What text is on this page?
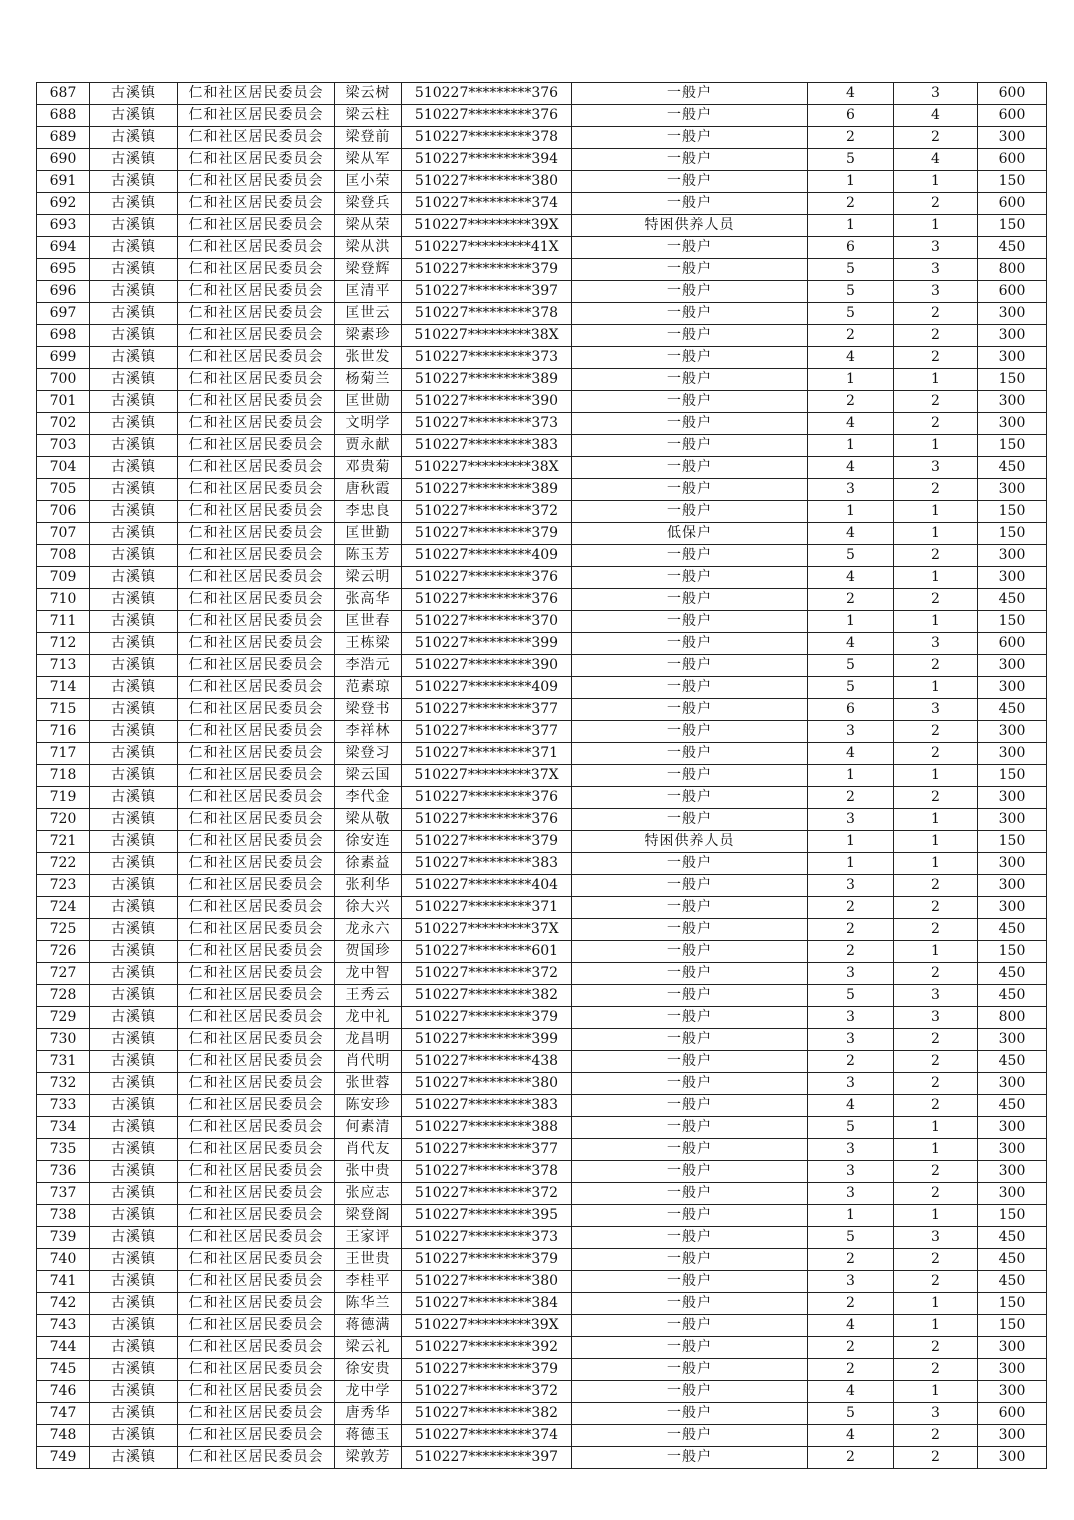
687	古溪镇	仁和社区居民委员会	梁云树	510227*********376	一般户	4	3	600
688	古溪镇	仁和社区居民委员会	梁云柱	510227*********376	一般户	6	4	600
689	古溪镇	仁和社区居民委员会	梁登前	510227*********378	一般户	2	2	300
690	古溪镇	仁和社区居民委员会	梁从军	510227*********394	一般户	5	4	600
691	古溪镇	仁和社区居民委员会	匡小荣	510227*********380	一般户	1	1	150
692	古溪镇	仁和社区居民委员会	梁登兵	510227*********374	一般户	2	2	600
693	古溪镇	仁和社区居民委员会	梁从荣	510227*********39X	特困供养人员	1	1	150
694	古溪镇	仁和社区居民委员会	梁从洪	510227*********41X	一般户	6	3	450
695	古溪镇	仁和社区居民委员会	梁登辉	510227*********379	一般户	5	3	800
696	古溪镇	仁和社区居民委员会	匡清平	510227*********397	一般户	5	3	600
697	古溪镇	仁和社区居民委员会	匡世云	510227*********378	一般户	5	2	300
698	古溪镇	仁和社区居民委员会	梁素珍	510227*********38X	一般户	2	2	300
699	古溪镇	仁和社区居民委员会	张世发	510227*********373	一般户	4	2	300
700	古溪镇	仁和社区居民委员会	杨菊兰	510227*********389	一般户	1	1	150
701	古溪镇	仁和社区居民委员会	匡世勋	510227*********390	一般户	2	2	300
702	古溪镇	仁和社区居民委员会	文明学	510227*********373	一般户	4	2	300
703	古溪镇	仁和社区居民委员会	贾永献	510227*********383	一般户	1	1	150
704	古溪镇	仁和社区居民委员会	邓贵菊	510227*********38X	一般户	4	3	450
705	古溪镇	仁和社区居民委员会	唐秋霞	510227*********389	一般户	3	2	300
706	古溪镇	仁和社区居民委员会	李忠良	510227*********372	一般户	1	1	150
707	古溪镇	仁和社区居民委员会	匡世勤	510227*********379	低保户	4	1	150
708	古溪镇	仁和社区居民委员会	陈玉芳	510227*********409	一般户	5	2	300
709	古溪镇	仁和社区居民委员会	梁云明	510227*********376	一般户	4	1	300
710	古溪镇	仁和社区居民委员会	张高华	510227*********376	一般户	2	2	450
711	古溪镇	仁和社区居民委员会	匡世春	510227*********370	一般户	1	1	150
712	古溪镇	仁和社区居民委员会	王栋梁	510227*********399	一般户	4	3	600
713	古溪镇	仁和社区居民委员会	李浩元	510227*********390	一般户	5	2	300
714	古溪镇	仁和社区居民委员会	范素琼	510227*********409	一般户	5	1	300
715	古溪镇	仁和社区居民委员会	梁登书	510227*********377	一般户	6	3	450
716	古溪镇	仁和社区居民委员会	李祥林	510227*********377	一般户	3	2	300
717	古溪镇	仁和社区居民委员会	梁登习	510227*********371	一般户	4	2	300
718	古溪镇	仁和社区居民委员会	梁云国	510227*********37X	一般户	1	1	150
719	古溪镇	仁和社区居民委员会	李代金	510227*********376	一般户	2	2	300
720	古溪镇	仁和社区居民委员会	梁从敬	510227*********376	一般户	3	1	300
721	古溪镇	仁和社区居民委员会	徐安连	510227*********379	特困供养人员	1	1	150
722	古溪镇	仁和社区居民委员会	徐素益	510227*********383	一般户	1	1	300
723	古溪镇	仁和社区居民委员会	张利华	510227*********404	一般户	3	2	300
724	古溪镇	仁和社区居民委员会	徐大兴	510227*********371	一般户	2	2	300
725	古溪镇	仁和社区居民委员会	龙永六	510227*********37X	一般户	2	2	450
726	古溪镇	仁和社区居民委员会	贺国珍	510227*********601	一般户	2	1	150
727	古溪镇	仁和社区居民委员会	龙中智	510227*********372	一般户	3	2	450
728	古溪镇	仁和社区居民委员会	王秀云	510227*********382	一般户	5	3	450
729	古溪镇	仁和社区居民委员会	龙中礼	510227*********379	一般户	3	3	800
730	古溪镇	仁和社区居民委员会	龙昌明	510227*********399	一般户	3	2	300
731	古溪镇	仁和社区居民委员会	肖代明	510227*********438	一般户	2	2	450
732	古溪镇	仁和社区居民委员会	张世蓉	510227*********380	一般户	3	2	300
733	古溪镇	仁和社区居民委员会	陈安珍	510227*********383	一般户	4	2	450
734	古溪镇	仁和社区居民委员会	何素清	510227*********388	一般户	5	1	300
735	古溪镇	仁和社区居民委员会	肖代友	510227*********377	一般户	3	1	300
736	古溪镇	仁和社区居民委员会	张中贵	510227*********378	一般户	3	2	300
737	古溪镇	仁和社区居民委员会	张应志	510227*********372	一般户	3	2	300
738	古溪镇	仁和社区居民委员会	梁登阁	510227*********395	一般户	1	1	150
739	古溪镇	仁和社区居民委员会	王家评	510227*********373	一般户	5	3	450
740	古溪镇	仁和社区居民委员会	王世贵	510227*********379	一般户	2	2	450
741	古溪镇	仁和社区居民委员会	李桂平	510227*********380	一般户	3	2	450
742	古溪镇	仁和社区居民委员会	陈华兰	510227*********384	一般户	2	1	150
743	古溪镇	仁和社区居民委员会	蒋德满	510227*********39X	一般户	4	1	150
744	古溪镇	仁和社区居民委员会	梁云礼	510227*********392	一般户	2	2	300
745	古溪镇	仁和社区居民委员会	徐安贵	510227*********379	一般户	2	2	300
746	古溪镇	仁和社区居民委员会	龙中学	510227*********372	一般户	4	1	300
747	古溪镇	仁和社区居民委员会	唐秀华	510227*********382	一般户	5	3	600
748	古溪镇	仁和社区居民委员会	蒋德玉	510227*********374	一般户	4	2	300
749	古溪镇	仁和社区居民委员会	梁敦芳	510227*********397	一般户	2	2	300
